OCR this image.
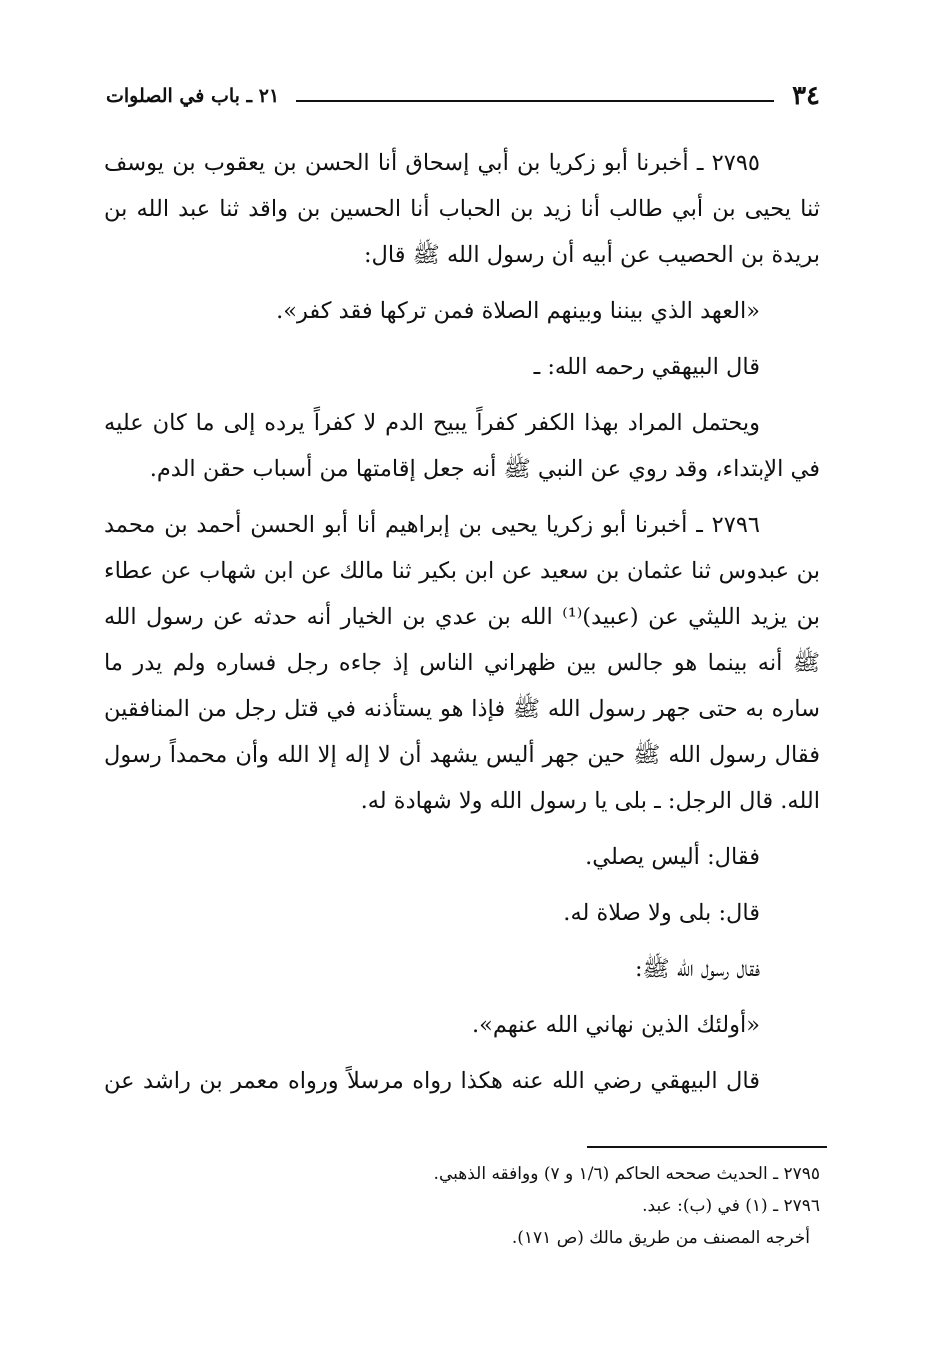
٣٤
٢١ ـ باب في الصلوات

٢٧٩٥ ـ أخبرنا أبو زكريا بن أبي إسحاق أنا الحسن بن يعقوب بن يوسف ثنا يحيى بن أبي طالب أنا زيد بن الحباب أنا الحسين بن واقد ثنا عبد الله بن بريدة بن الحصيب عن أبيه أن رسول الله ﷺ قال:

«العهد الذي بيننا وبينهم الصلاة فمن تركها فقد كفر».

قال البيهقي رحمه الله: ـ

ويحتمل المراد بهذا الكفر كفراً يبيح الدم لا كفراً يرده إلى ما كان عليه في الإبتداء، وقد روي عن النبي ﷺ أنه جعل إقامتها من أسباب حقن الدم.

٢٧٩٦ ـ أخبرنا أبو زكريا يحيى بن إبراهيم أنا أبو الحسن أحمد بن محمد بن عبدوس ثنا عثمان بن سعيد عن ابن بكير ثنا مالك عن ابن شهاب عن عطاء بن يزيد الليثي عن (عبيد)⁽¹⁾ الله بن عدي بن الخيار أنه حدثه عن رسول الله ﷺ أنه بينما هو جالس بين ظهراني الناس إذ جاءه رجل فساره ولم يدر ما ساره به حتى جهر رسول الله ﷺ فإذا هو يستأذنه في قتل رجل من المنافقين فقال رسول الله ﷺ حين جهر أليس يشهد أن لا إله إلا الله وأن محمداً رسول الله. قال الرجل: ـ بلى يا رسول الله ولا شهادة له.

فقال: أليس يصلي.

قال: بلى ولا صلاة له.

فقال رسول الله ﷺ:

«أولئك الذين نهاني الله عنهم».

قال البيهقي رضي الله عنه هكذا رواه مرسلاً ورواه معمر بن راشد عن

٢٧٩٥ ـ الحديث صححه الحاكم (١/٦ و ٧) ووافقه الذهبي.

٢٧٩٦ ـ (١) في (ب): عبد.

أخرجه المصنف من طريق مالك (ص ١٧١).
